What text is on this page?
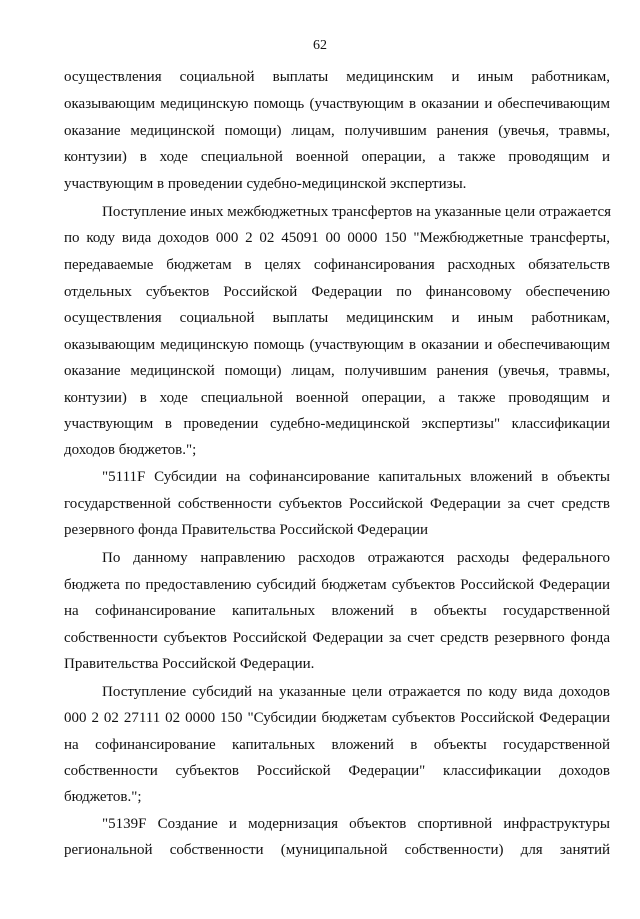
62
осуществления социальной выплаты медицинским и иным работникам,
оказывающим медицинскую помощь (участвующим в оказании и обеспечивающим
оказание медицинской помощи) лицам, получившим ранения (увечья, травмы,
контузии) в ходе специальной военной операции, а также проводящим и
участвующим в проведении судебно-медицинской экспертизы.
Поступление иных межбюджетных трансфертов на указанные цели отражается
по коду вида доходов 000 2 02 45091 00 0000 150 "Межбюджетные трансферты,
передаваемые бюджетам в целях софинансирования расходных обязательств
отдельных субъектов Российской Федерации по финансовому обеспечению
осуществления социальной выплаты медицинским и иным работникам,
оказывающим медицинскую помощь (участвующим в оказании и обеспечивающим
оказание медицинской помощи) лицам, получившим ранения (увечья, травмы,
контузии) в ходе специальной военной операции, а также проводящим и
участвующим в проведении судебно-медицинской экспертизы" классификации
доходов бюджетов.";
"5111F Субсидии на софинансирование капитальных вложений в объекты
государственной собственности субъектов Российской Федерации за счет средств
резервного фонда Правительства Российской Федерации
По данному направлению расходов отражаются расходы федерального
бюджета по предоставлению субсидий бюджетам субъектов Российской Федерации
на софинансирование капитальных вложений в объекты государственной
собственности субъектов Российской Федерации за счет средств резервного фонда
Правительства Российской Федерации.
Поступление субсидий на указанные цели отражается по коду вида доходов
000 2 02 27111 02 0000 150 "Субсидии бюджетам субъектов Российской Федерации
на софинансирование капитальных вложений в объекты государственной
собственности субъектов Российской Федерации" классификации доходов
бюджетов.";
"5139F Создание и модернизация объектов спортивной инфраструктуры
региональной собственности (муниципальной собственности) для занятий
